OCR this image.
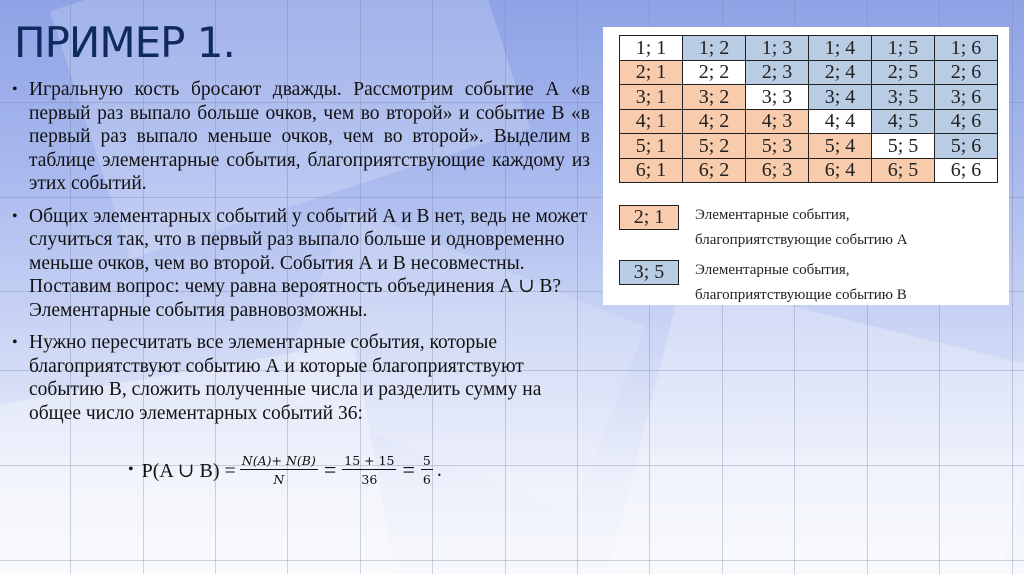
ПРИМЕР 1.
• Игральную кость бросают дважды. Рассмотрим событие А «в первый раз выпало больше очков, чем во второй» и событие В «в первый раз выпало меньше очков, чем во второй». Выделим в таблице элементарные события, благоприятствующие каждому из этих событий.
• Общих элементарных событий у событий А и В нет, ведь не может случиться так, что в первый раз выпало больше и одновременно меньше очков, чем во второй. События А и В несовместны. Поставим вопрос: чему равна вероятность объединения А ∪ В? Элементарные события равновозможны.
• Нужно пересчитать все элементарные события, которые благоприятствуют событию А и которые благоприятствуют событию В, сложить полученные числа и разделить сумму на общее число элементарных событий 36:
• P(A ∪ $B) = \frac{N(A)+ N(B)}{N} = \frac{15 + 15}{36} = \frac{5}{6}$ .
1; 1	1; 2	1; 3	1; 4	1; 5	1; 6
2; 1	2; 2	2; 3	2; 4	2; 5	2; 6
3; 1	3; 2	3; 3	3; 4	3; 5	3; 6
4; 1	4; 2	4; 3	4; 4	4; 5	4; 6
5; 1	5; 2	5; 3	5; 4	5; 5	5; 6
6; 1	6; 2	6; 3	6; 4	6; 5	6; 6
2; 1	Элементарные события,
благоприятствующие событию А
3; 5	Элементарные события,
благоприятствующие событию В
